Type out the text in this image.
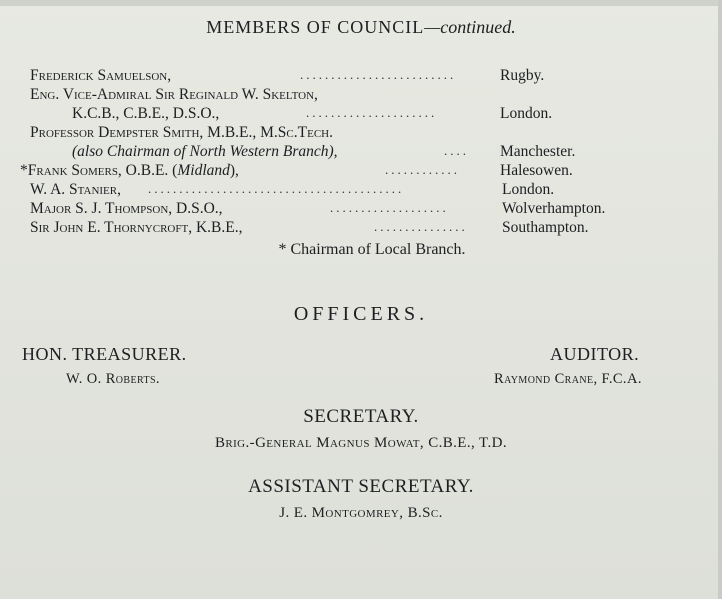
MEMBERS OF COUNCIL—continued.
Frederick Samuelson,	.........................	Rugby.
Eng. Vice-Admiral Sir Reginald W. Skelton,
K.C.B., C.B.E., D.S.O.,	.....................	London.
Professor Dempster Smith, M.B.E., M.Sc.Tech.
(also Chairman of North Western Branch),	....	Manchester.
*Frank Somers, O.B.E. (Midland),	............	Halesowen.
W. A. Stanier, .........................................	London.
Major S. J. Thompson, D.S.O.,	...................	Wolverhampton.
Sir John E. Thornycroft, K.B.E.,	...............	Southampton.
* Chairman of Local Branch.
OFFICERS.
HON. TREASURER.
W. O. Roberts.
AUDITOR.
Raymond Crane, F.C.A.
SECRETARY.
Brig.-General Magnus Mowat, C.B.E., T.D.
ASSISTANT SECRETARY.
J. E. Montgomrey, B.Sc.
